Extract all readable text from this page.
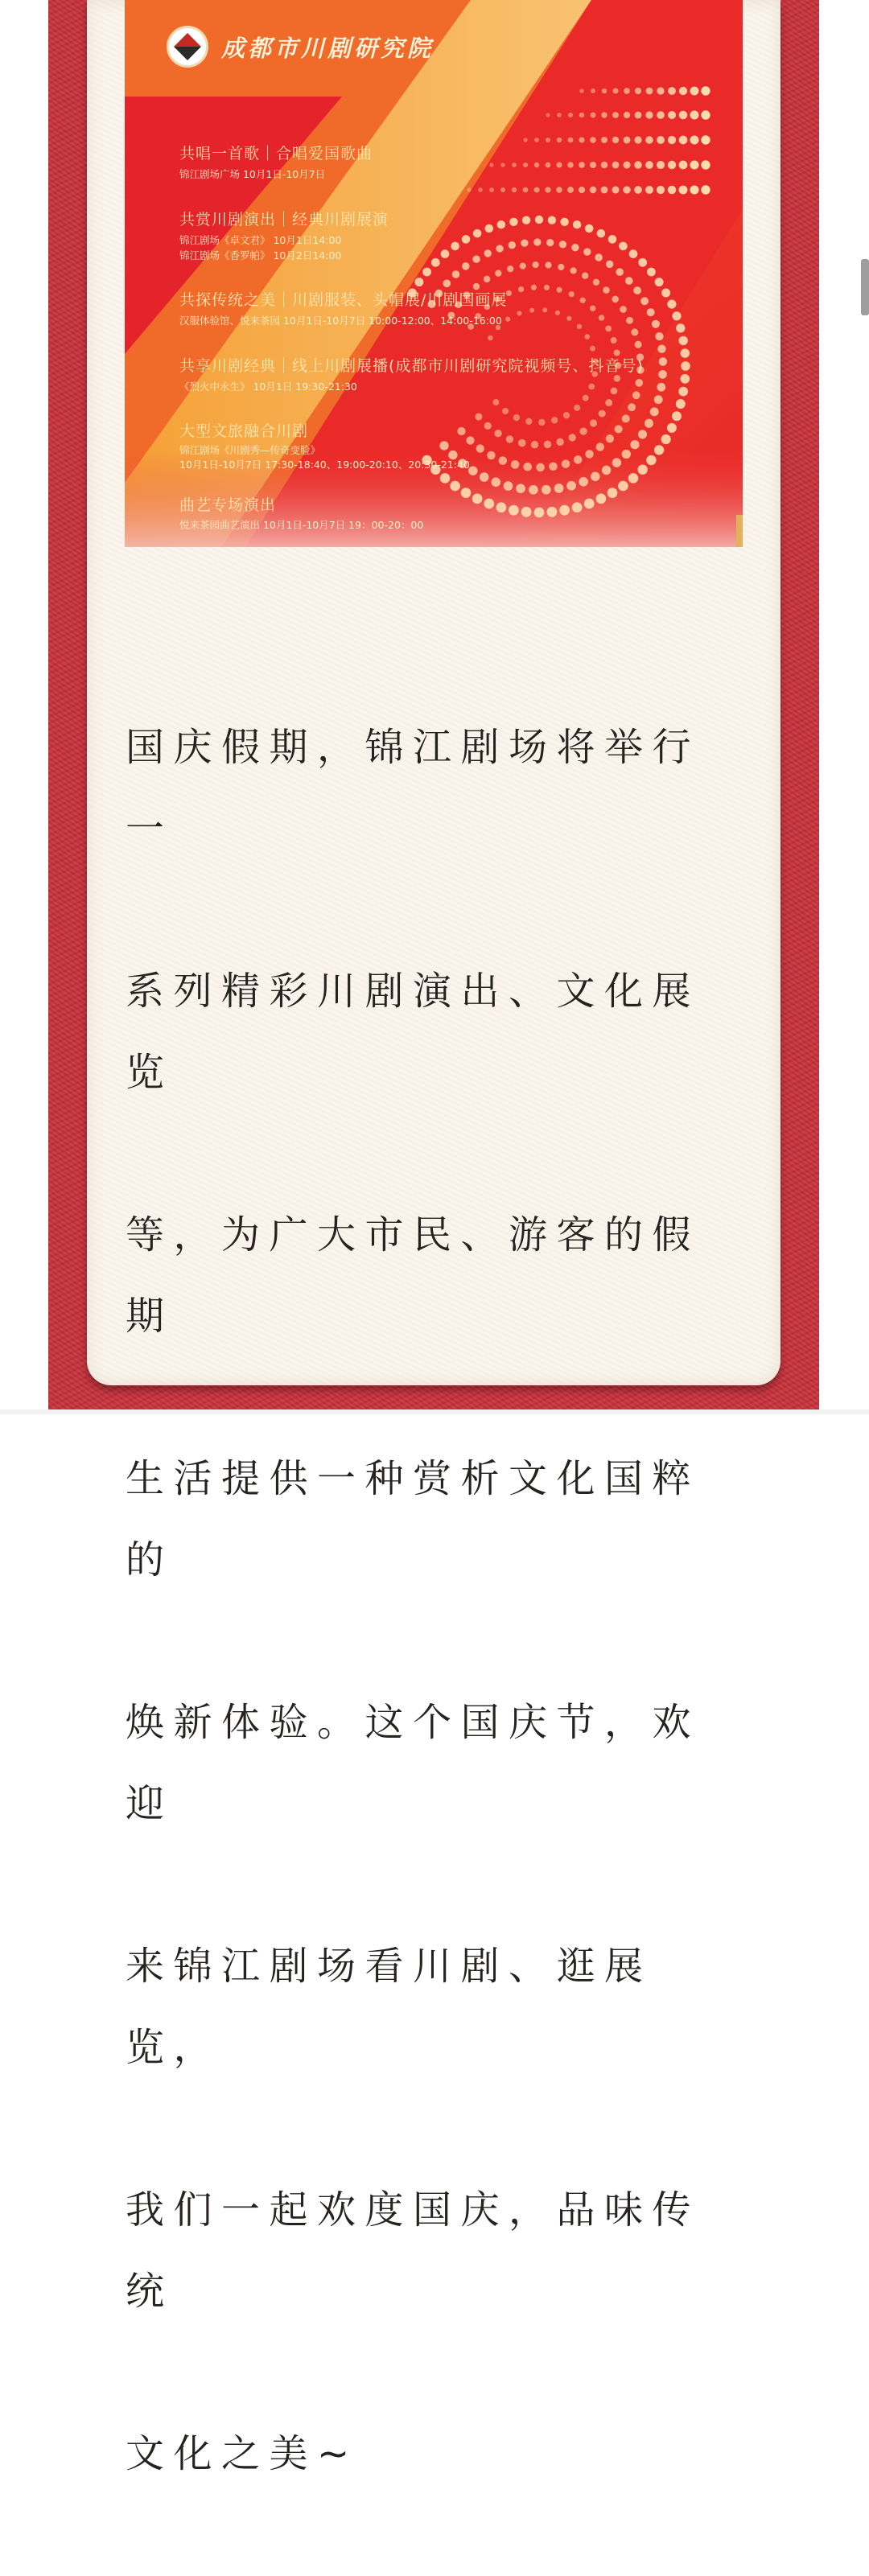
成都市川剧研究院
共唱一首歌｜合唱爱国歌曲
锦江剧场广场 10月1日-10月7日
共赏川剧演出｜经典川剧展演
锦江剧场《卓文君》 10月1日14:00
锦江剧场《香罗帕》 10月2日14:00
共探传统之美｜川剧服装、头帽展/川剧国画展
汉服体验馆、悦来茶园 10月1日-10月7日 10:00-12:00、14:00-16:00
共享川剧经典｜线上川剧展播(成都市川剧研究院视频号、抖音号)
《烈火中永生》 10月1日 19:30-21:30
大型文旅融合川剧
锦江剧场《川剧秀—传奇变脸》
10月1日-10月7日 17:30-18:40、19:00-20:10、20:30-21:40
曲艺专场演出
悦来茶园曲艺演出 10月1日-10月7日 19：00-20：00

国庆假期，锦江剧场将举行一

系列精彩川剧演出、文化展览

等，为广大市民、游客的假期

生活提供一种赏析文化国粹的

焕新体验。这个国庆节，欢迎

来锦江剧场看川剧、逛展览，

我们一起欢度国庆，品味传统

文化之美~
